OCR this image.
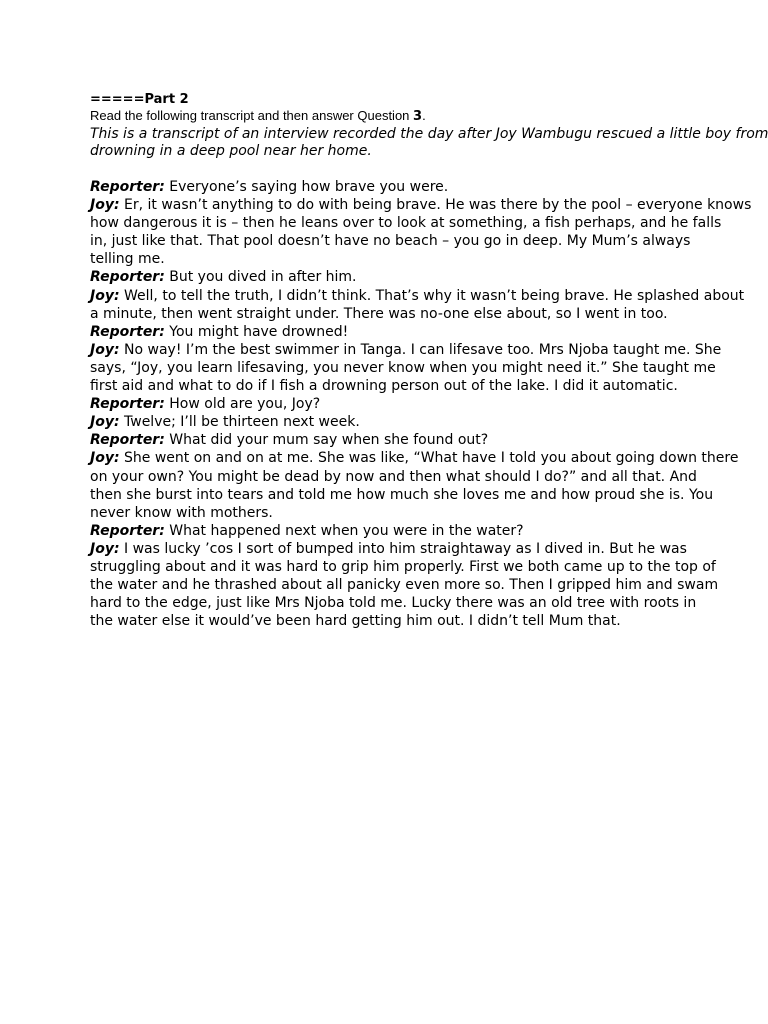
=====Part 2

Read the following transcript and then answer Question 3.

This is a transcript of an interview recorded the day after Joy Wambugu rescued a little boy from
drowning in a deep pool near her home.

Reporter: Everyone’s saying how brave you were.
Joy: Er, it wasn’t anything to do with being brave. He was there by the pool – everyone knows
how dangerous it is – then he leans over to look at something, a fish perhaps, and he falls
in, just like that. That pool doesn’t have no beach – you go in deep. My Mum’s always
telling me.
Reporter: But you dived in after him.
Joy: Well, to tell the truth, I didn’t think. That’s why it wasn’t being brave. He splashed about
a minute, then went straight under. There was no-one else about, so I went in too.
Reporter: You might have drowned!
Joy: No way! I’m the best swimmer in Tanga. I can lifesave too. Mrs Njoba taught me. She
says, “Joy, you learn lifesaving, you never know when you might need it.” She taught me
first aid and what to do if I fish a drowning person out of the lake. I did it automatic.
Reporter: How old are you, Joy?
Joy: Twelve; I’ll be thirteen next week.
Reporter: What did your mum say when she found out?
Joy: She went on and on at me. She was like, “What have I told you about going down there
on your own? You might be dead by now and then what should I do?” and all that. And
then she burst into tears and told me how much she loves me and how proud she is. You
never know with mothers.
Reporter: What happened next when you were in the water?
Joy: I was lucky ’cos I sort of bumped into him straightaway as I dived in. But he was
struggling about and it was hard to grip him properly. First we both came up to the top of
the water and he thrashed about all panicky even more so. Then I gripped him and swam
hard to the edge, just like Mrs Njoba told me. Lucky there was an old tree with roots in
the water else it would’ve been hard getting him out. I didn’t tell Mum that.
